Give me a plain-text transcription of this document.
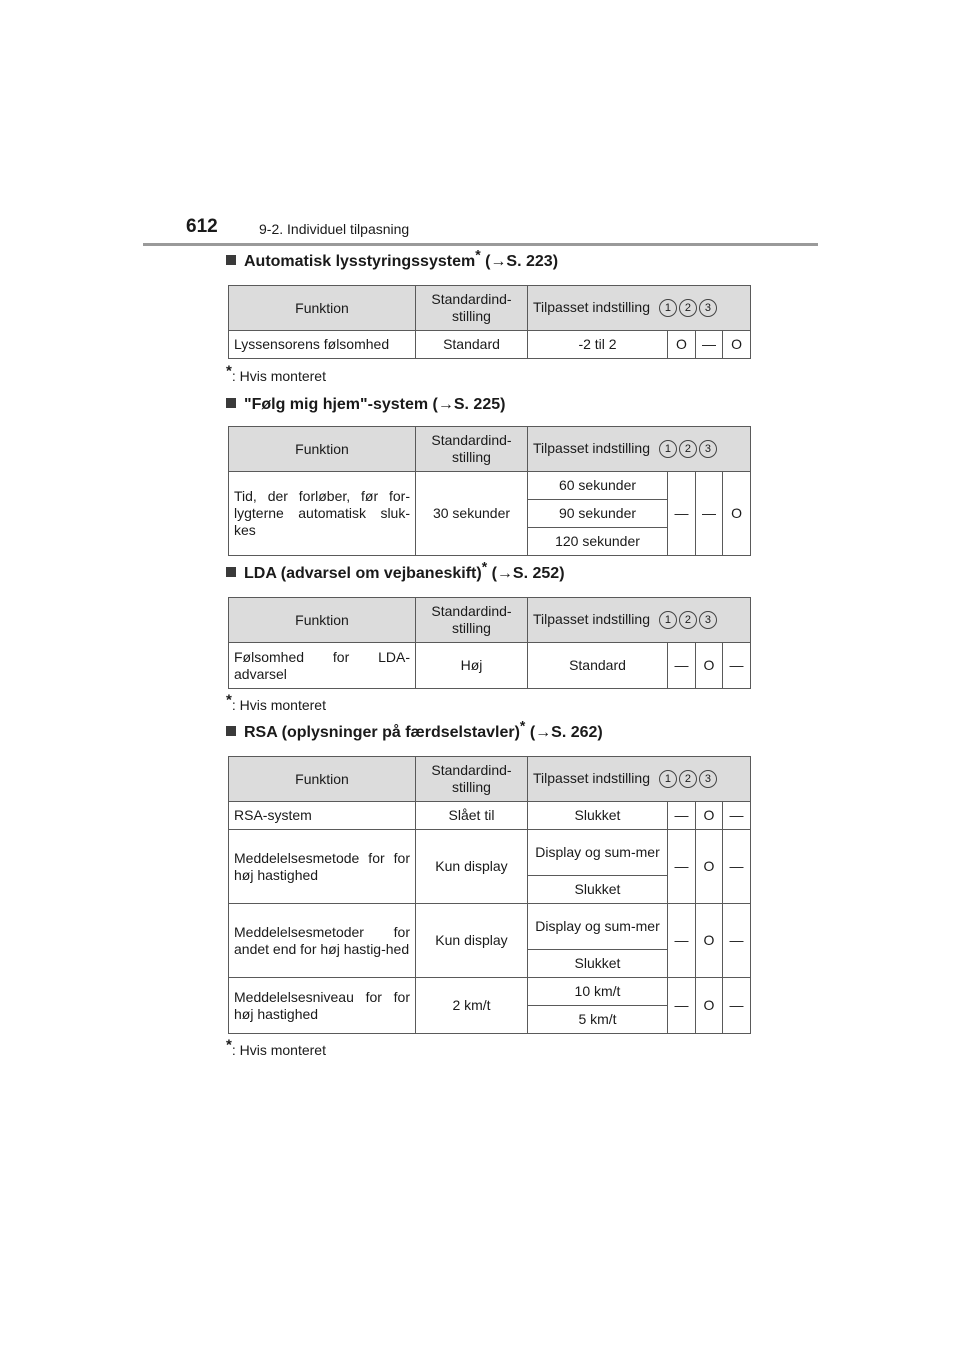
612	9-2. Individuel tilpasning
Automatisk lysstyringssystem* (→S. 223)
Funktion	Standardind-stilling	Tilpasset indstilling 1 2 3			
Lyssensorens følsomhed	Standard	-2 til 2	O	—	O
*: Hvis monteret
"Følg mig hjem"-system (→S. 225)
Funktion	Standardind-stilling	Tilpasset indstilling 1 2 3			
Tid, der forløber, før for-lygterne automatisk sluk-kes	30 sekunder	60 sekunder	—	—	O
		90 sekunder			
		120 sekunder			
LDA (advarsel om vejbaneskift)* (→S. 252)
Funktion	Standardind-stilling	Tilpasset indstilling 1 2 3			
Følsomhed for LDA-advarsel	Høj	Standard	—	O	—
*: Hvis monteret
RSA (oplysninger på færdselstavler)* (→S. 262)
Funktion	Standardind-stilling	Tilpasset indstilling 1 2 3			
RSA-system	Slået til	Slukket	—	O	—
Meddelelsesmetode for for høj hastighed	Kun display	Display og sum-mer	—	O	—
		Slukket			
Meddelelsesmetoder for andet end for høj hastig-hed	Kun display	Display og sum-mer	—	O	—
		Slukket			
Meddelelsesniveau for for høj hastighed	2 km/t	10 km/t	—	O	—
		5 km/t			
*: Hvis monteret
